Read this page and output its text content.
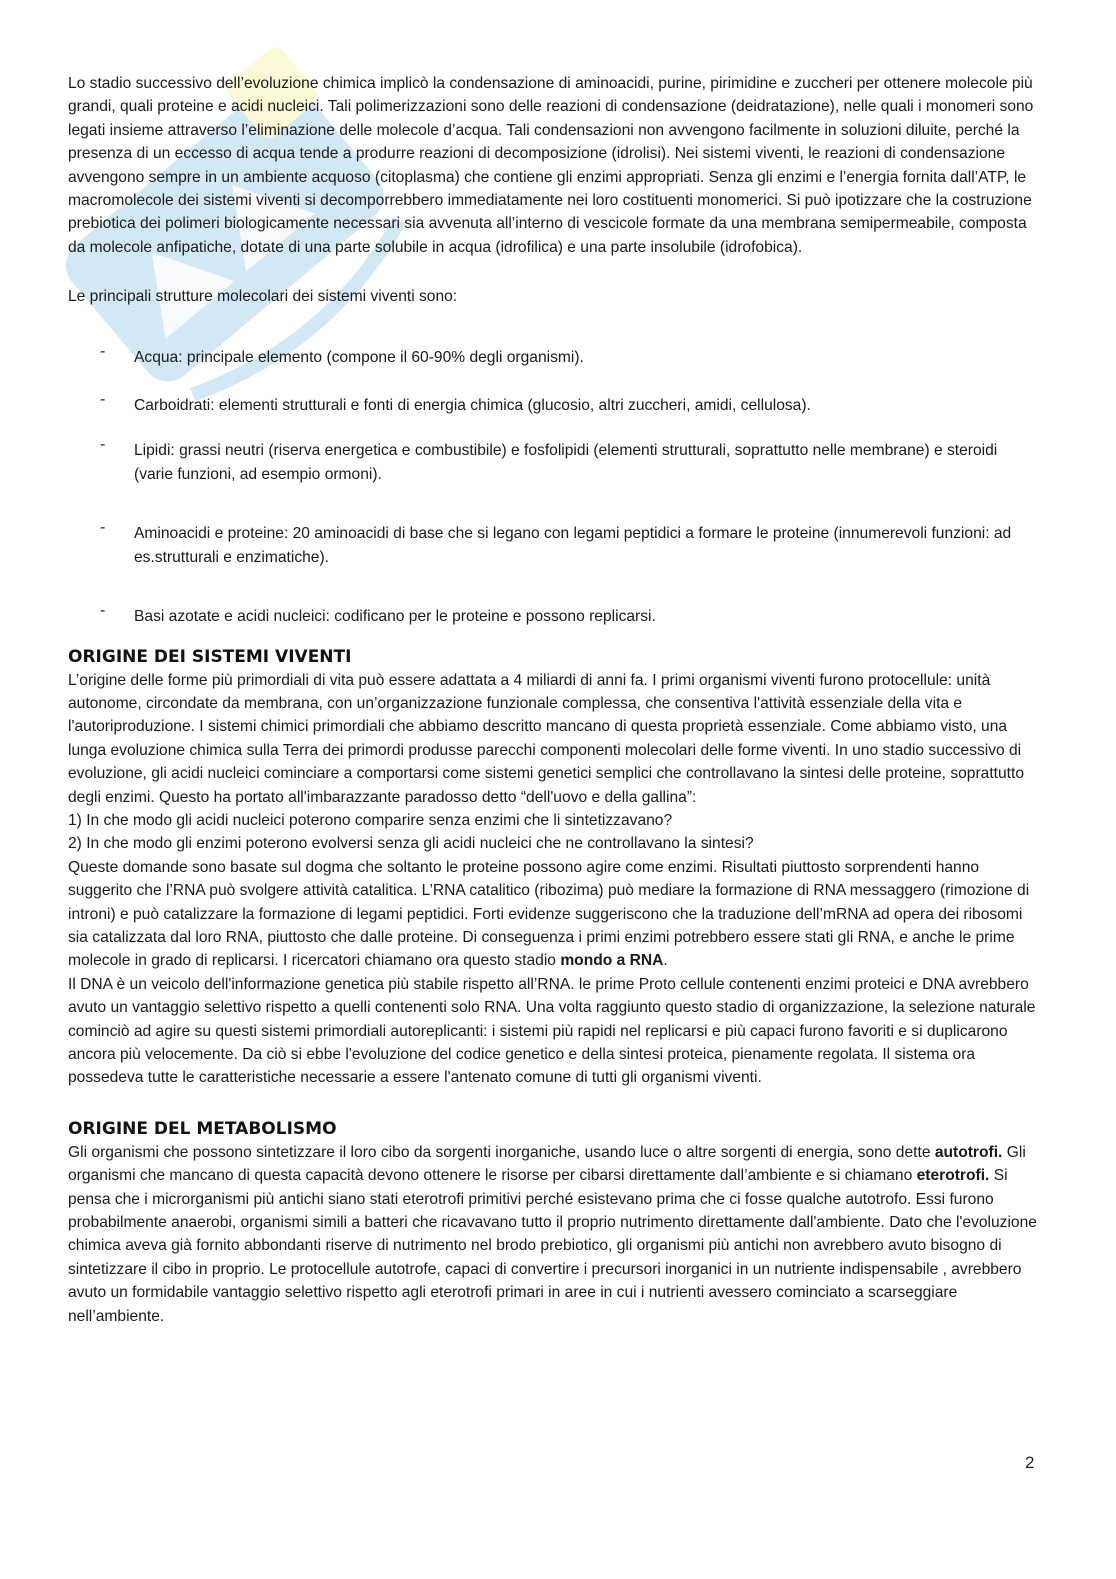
Lo stadio successivo dell’evoluzione chimica implicò la condensazione di aminoacidi, purine, pirimidine e zuccheri per ottenere molecole più grandi, quali proteine e acidi nucleici. Tali polimerizzazioni sono delle reazioni di condensazione (deidratazione), nelle quali i monomeri sono legati insieme attraverso l’eliminazione delle molecole d’acqua. Tali condensazioni non avvengono facilmente in soluzioni diluite, perché la presenza di un eccesso di acqua tende a produrre reazioni di decomposizione (idrolisi). Nei sistemi viventi, le reazioni di condensazione avvengono sempre in un ambiente acquoso (citoplasma) che contiene gli enzimi appropriati. Senza gli enzimi e l’energia fornita dall’ATP, le macromolecole dei sistemi viventi si decomporrebbero immediatamente nei loro costituenti monomerici. Si può ipotizzare che la costruzione prebiotica dei polimeri biologicamente necessari sia avvenuta all’interno di vescicole formate da una membrana semipermeabile, composta da molecole anfipatiche, dotate di una parte solubile in acqua (idrofilica) e una parte insolubile (idrofobica).

Le principali strutture molecolari dei sistemi viventi sono:

- Acqua: principale elemento (compone il 60-90% degli organismi).
- Carboidrati: elementi strutturali e fonti di energia chimica (glucosio, altri zuccheri, amidi, cellulosa).
- Lipidi: grassi neutri (riserva energetica e combustibile) e fosfolipidi (elementi strutturali, soprattutto nelle membrane) e steroidi (varie funzioni, ad esempio ormoni).
- Aminoacidi e proteine: 20 aminoacidi di base che si legano con legami peptidici a formare le proteine (innumerevoli funzioni: ad es.strutturali e enzimatiche).
- Basi azotate e acidi nucleici: codificano per le proteine e possono replicarsi.
ORIGINE DEI SISTEMI VIVENTI

L’origine delle forme più primordiali di vita può essere adattata a 4 miliardi di anni fa. I primi organismi viventi furono protocellule: unità autonome, circondate da membrana, con un’organizzazione funzionale complessa, che consentiva l'attività essenziale della vita e l'autoriproduzione. I sistemi chimici primordiali che abbiamo descritto mancano di questa proprietà essenziale. Come abbiamo visto, una lunga evoluzione chimica sulla Terra dei primordi produsse parecchi componenti molecolari delle forme viventi. In uno stadio successivo di evoluzione, gli acidi nucleici cominciare a comportarsi come sistemi genetici semplici che controllavano la sintesi delle proteine, soprattutto degli enzimi. Questo ha portato all'imbarazzante paradosso detto “dell'uovo e della gallina”:

1) In che modo gli acidi nucleici poterono comparire senza enzimi che li sintetizzavano?

2) In che modo gli enzimi poterono evolversi senza gli acidi nucleici che ne controllavano la sintesi?

Queste domande sono basate sul dogma che soltanto le proteine possono agire come enzimi. Risultati piuttosto sorprendenti hanno suggerito che l’RNA può svolgere attività catalitica. L’RNA catalitico (ribozima) può mediare la formazione di RNA messaggero (rimozione di introni) e può catalizzare la formazione di legami peptidici. Forti evidenze suggeriscono che la traduzione dell’mRNA ad opera dei ribosomi sia catalizzata dal loro RNA, piuttosto che dalle proteine. Di conseguenza i primi enzimi potrebbero essere stati gli RNA, e anche le prime molecole in grado di replicarsi. I ricercatori chiamano ora questo stadio mondo a RNA.

Il DNA è un veicolo dell'informazione genetica più stabile rispetto all’RNA. le prime Proto cellule contenenti enzimi proteici e DNA avrebbero avuto un vantaggio selettivo rispetto a quelli contenenti solo RNA. Una volta raggiunto questo stadio di organizzazione, la selezione naturale cominciò ad agire su questi sistemi primordiali autoreplicanti: i sistemi più rapidi nel replicarsi e più capaci furono favoriti e si duplicarono ancora più velocemente. Da ciò si ebbe l'evoluzione del codice genetico e della sintesi proteica, pienamente regolata. Il sistema ora possedeva tutte le caratteristiche necessarie a essere l'antenato comune di tutti gli organismi viventi.

ORIGINE DEL METABOLISMO

Gli organismi che possono sintetizzare il loro cibo da sorgenti inorganiche, usando luce o altre sorgenti di energia, sono dette autotrofi. Gli organismi che mancano di questa capacità devono ottenere le risorse per cibarsi direttamente dall’ambiente e si chiamano eterotrofi. Si pensa che i microrganismi più antichi siano stati eterotrofi primitivi perché esistevano prima che ci fosse qualche autotrofo. Essi furono probabilmente anaerobi, organismi simili a batteri che ricavavano tutto il proprio nutrimento direttamente dall'ambiente. Dato che l'evoluzione chimica aveva già fornito abbondanti riserve di nutrimento nel brodo prebiotico, gli organismi più antichi non avrebbero avuto bisogno di sintetizzare il cibo in proprio. Le protocellule autotrofe, capaci di convertire i precursori inorganici in un nutriente indispensabile , avrebbero avuto un formidabile vantaggio selettivo rispetto agli eterotrofi primari in aree in cui i nutrienti avessero cominciato a scarseggiare nell’ambiente.

2
